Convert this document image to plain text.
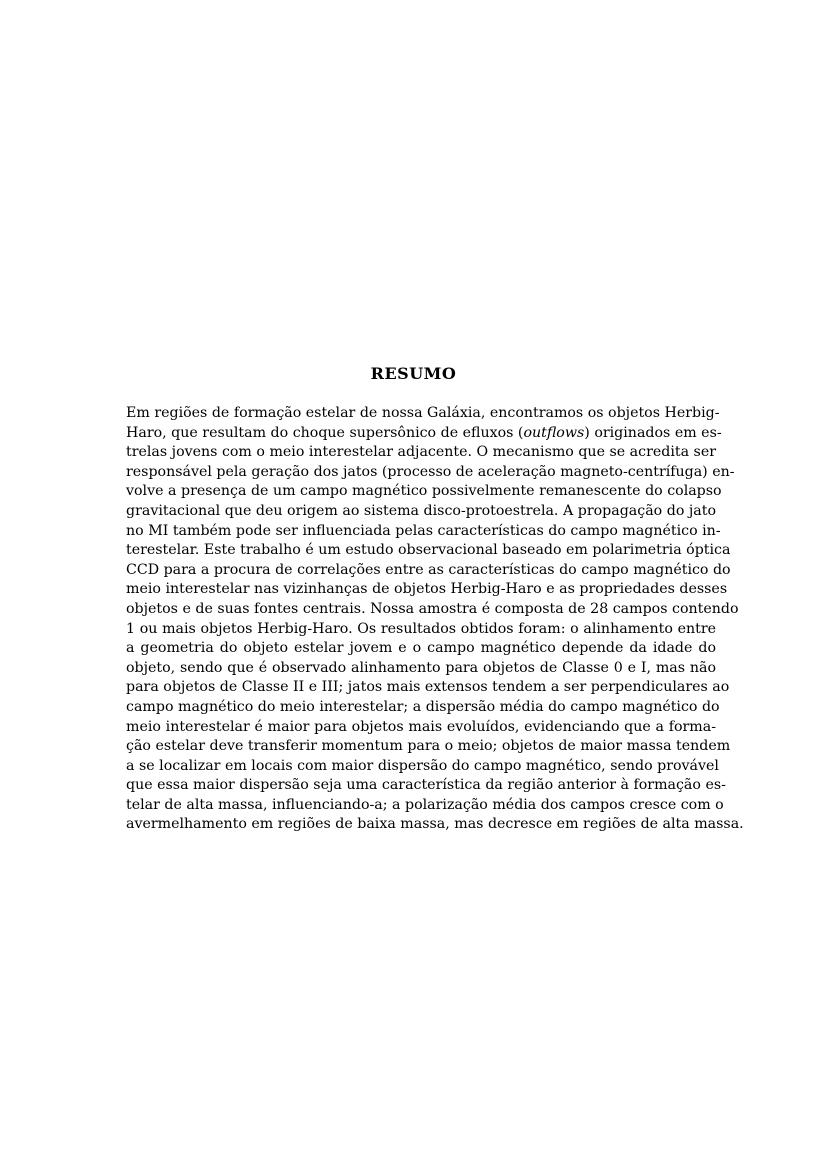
RESUMO
Em regiões de formação estelar de nossa Galáxia, encontramos os objetos Herbig-
Haro, que resultam do choque supersônico de efluxos (outflows) originados em es-
trelas jovens com o meio interestelar adjacente. O mecanismo que se acredita ser
responsável pela geração dos jatos (processo de aceleração magneto-centrífuga) en-
volve a presença de um campo magnético possivelmente remanescente do colapso
gravitacional que deu origem ao sistema disco-protoestrela. A propagação do jato
no MI também pode ser influenciada pelas características do campo magnético in-
terestelar. Este trabalho é um estudo observacional baseado em polarimetria óptica
CCD para a procura de correlações entre as características do campo magnético do
meio interestelar nas vizinhanças de objetos Herbig-Haro e as propriedades desses
objetos e de suas fontes centrais. Nossa amostra é composta de 28 campos contendo
1 ou mais objetos Herbig-Haro. Os resultados obtidos foram: o alinhamento entre
a geometria do objeto estelar jovem e o campo magnético depende da idade do
objeto, sendo que é observado alinhamento para objetos de Classe 0 e I, mas não
para objetos de Classe II e III; jatos mais extensos tendem a ser perpendiculares ao
campo magnético do meio interestelar; a dispersão média do campo magnético do
meio interestelar é maior para objetos mais evoluídos, evidenciando que a forma-
ção estelar deve transferir momentum para o meio; objetos de maior massa tendem
a se localizar em locais com maior dispersão do campo magnético, sendo provável
que essa maior dispersão seja uma característica da região anterior à formação es-
telar de alta massa, influenciando-a; a polarização média dos campos cresce com o
avermelhamento em regiões de baixa massa, mas decresce em regiões de alta massa.
